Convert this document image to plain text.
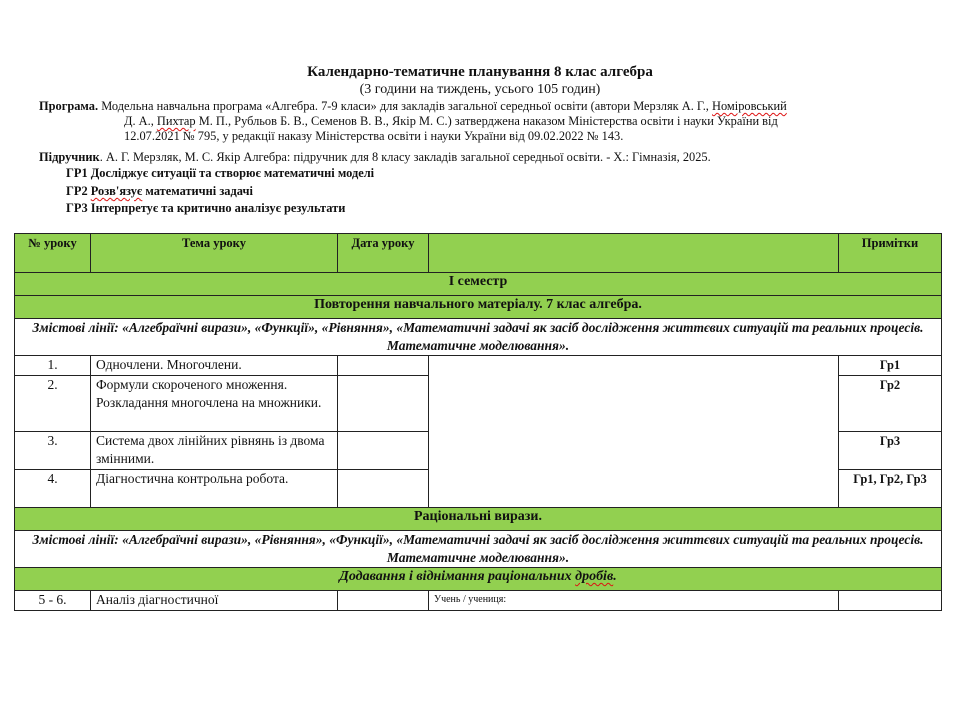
Календарно-тематичне планування 8 клас алгебра
(3 години на тиждень, усього 105 годин)
Програма. Модельна навчальна програма «Алгебра. 7-9 класи» для закладів загальної середньої освіти (автори Мерзляк А. Г., Номіровський
Д. А., Пихтар М. П., Рубльов Б. В., Семенов В. В., Якір М. С.) затверджена наказом Міністерства освіти і науки України від
12.07.2021 № 795, у редакції наказу Міністерства освіти і науки України від 09.02.2022 № 143.
Підручник. А. Г. Мерзляк, М. С. Якір Алгебра: підручник для 8 класу закладів загальної середньої освіти. - Х.: Гімназія, 2025.
ГР1 Досліджує ситуації та створює математичні моделі
ГР2 Розв'язує математичні задачі
ГР3 Інтерпретує та критично аналізує результати
№ уроку	Тема уроку	Дата уроку		Примітки
І семестр				
Повторення навчального матеріалу. 7 клас алгебра.				
Змістові лінії: «Алгебраїчні вирази», «Функції», «Рівняння», «Математичні задачі як засіб дослідження життєвих ситуацій та реальних процесів. Математичне моделювання».				
1.	Одночлени. Многочлени.			Гр1
2.	Формули скороченого множення. Розкладання многочлена на множники.			Гр2
3.	Система двох лінійних рівнянь із двома змінними.			Гр3
4.	Діагностична контрольна робота.			Гр1, Гр2, Гр3
Раціональні вирази.				
Змістові лінії: «Алгебраїчні вирази», «Рівняння», «Функції», «Математичні задачі як засіб дослідження життєвих ситуацій та реальних процесів. Математичне моделювання».				
Додавання і віднімання раціональних дробів.				
5 - 6.	Аналіз діагностичної		Учень / учениця:	
